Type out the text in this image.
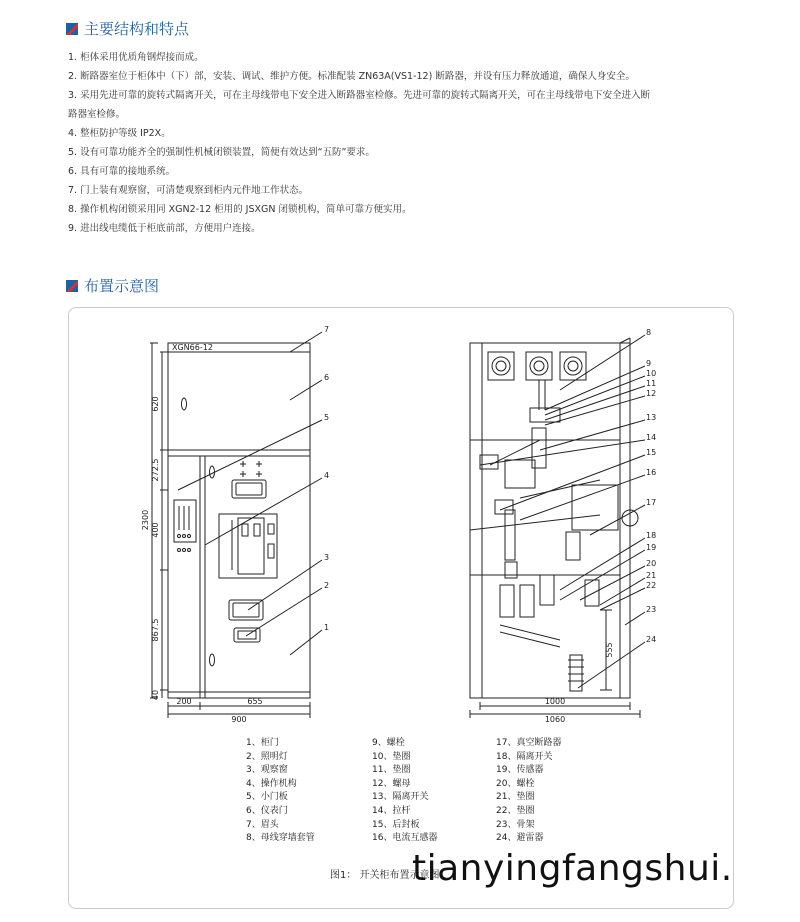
主要结构和特点
1. 柜体采用优质角钢焊接而成。
2. 断路器室位于柜体中（下）部，安装、调试、维护方便。标准配装 ZN63A(VS1-12) 断路器，并设有压力释放通道，确保人身安全。
3. 采用先进可靠的旋转式隔离开关，可在主母线带电下安全进入断路器室检修。先进可靠的旋转式隔离开关，可在主母线带电下安全进入断
路器室检修。
4. 整柜防护等级 IP2X。
5. 设有可靠功能齐全的强制性机械闭锁装置，简便有效达到“五防”要求。
6. 具有可靠的接地系统。
7. 门上装有观察窗，可清楚观察到柜内元件地工作状态。
8. 操作机构闭锁采用同 XGN2-12 柜用的 JSXGN 闭锁机构，简单可靠方便实用。
9. 进出线电缆低于柜底前部，方便用户连接。
布置示意图
XGN66-12
620
272.5
400
867.5
40
2300
200	655
900
7
6
5
4
3
2
1
1000
1060
555
8
9
10
11
12
13
14
15
16
17
18
19
20
21
22
23
24
1、柜门
2、照明灯
3、观察窗
4、操作机构
5、小门板
6、仪表门
7、眉头
8、母线穿墙套管
9、螺栓
10、垫圈
11、垫圈
12、螺母
13、隔离开关
14、拉杆
15、后封板
16、电流互感器
17、真空断路器
18、隔离开关
19、传感器
20、螺栓
21、垫圈
22、垫圈
23、骨架
24、避雷器
图1： 开关柜布置示意图
tianyingfangshui.
